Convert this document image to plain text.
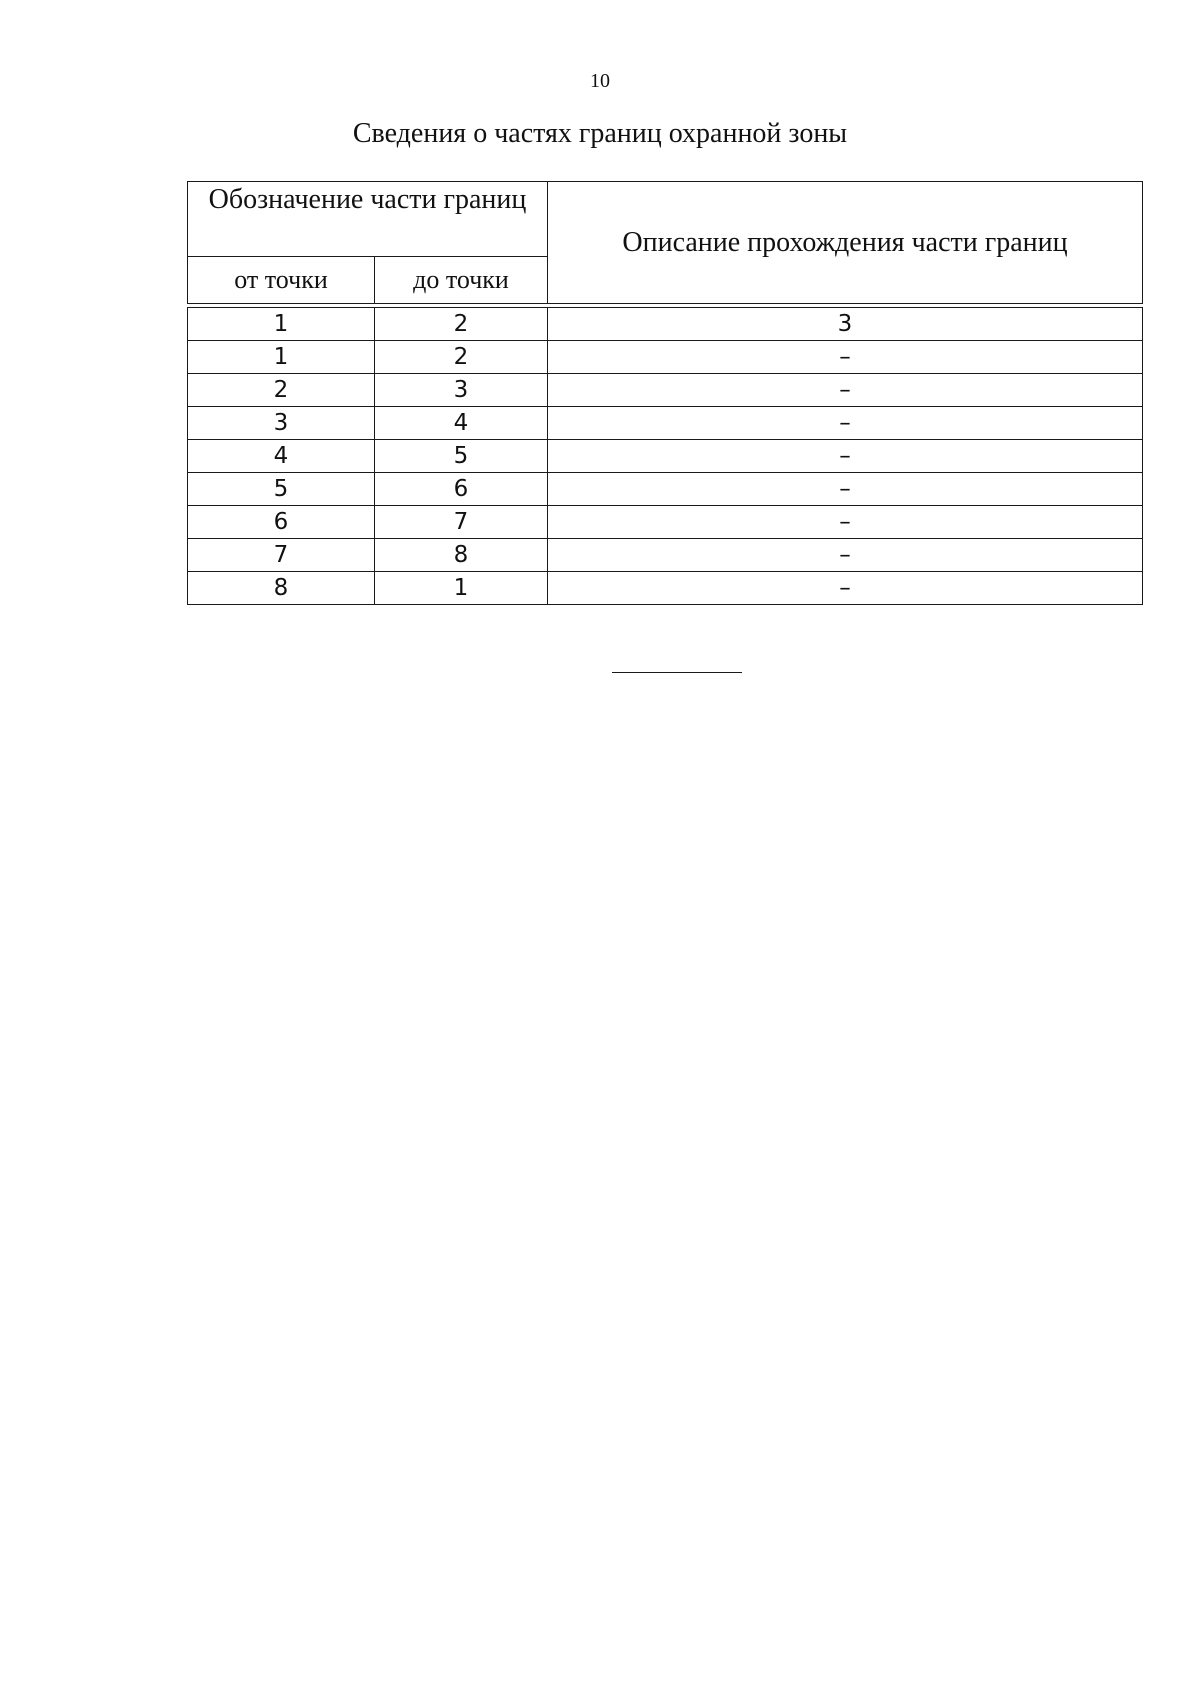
10
Сведения о частях границ охранной зоны
Обозначение части границ		Описание прохождения части границ
от точки	до точки	

1	2	3
1	2	–
2	3	–
3	4	–
4	5	–
5	6	–
6	7	–
7	8	–
8	1	–
